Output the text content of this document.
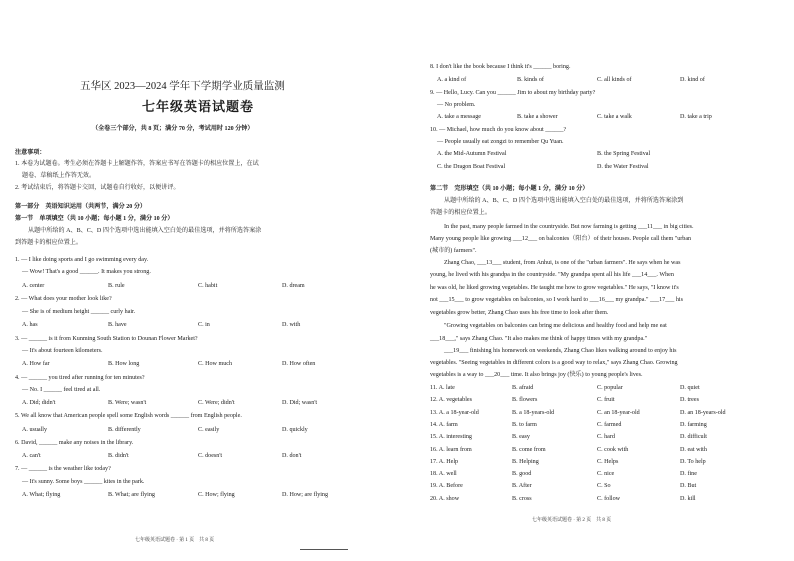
五华区 2023—2024 学年下学期学业质量监测
七年级英语试题卷
（全卷三个部分，共 8 页；满分 70 分，考试用时 120 分钟）
注意事项：
1. 本卷为试题卷。考生必须在答题卡上解题作答，答案应书写在答题卡的相应位置上，在试
题卷、草稿纸上作答无效。
2. 考试结束后，将答题卡交回，试题卷自行收好，以便讲评。
第一部分　英语知识运用（共两节，满分 20 分）
第一节　单项填空（共 10 小题；每小题 1 分，满分 10 分）
从题中所给的 A、B、C、D 四个选项中选出能填入空白处的最佳选项，并将所选答案涂
到答题卡的相应位置上。
1. — I like doing sports and I go swimming every day.
— Wow! That's a good ______. It makes you strong.
A. center	B. rule	C. habit	D. dream
2. — What does your mother look like?
— She is of medium height ______ curly hair.
A. has	B. have	C. in	D. with
3. — ______ is it from Kunming South Station to Dounan Flower Market?
— It's about fourteen kilometers.
A. How far	B. How long	C. How much	D. How often
4. — ______ you tired after running for ten minutes?
— No. I ______ feel tired at all.
A. Did; didn't	B. Were; wasn't	C. Were; didn't	D. Did; wasn't
5. We all know that American people spell some English words ______ from English people.
A. usually	B. differently	C. easily	D. quickly
6. David, ______ make any noises in the library.
A. can't	B. didn't	C. doesn't	D. don't
7. — ______ is the weather like today?
— It's sunny. Some boys ______ kites in the park.
A. What; flying	B. What; are flying	C. How; flying	D. How; are flying
七年级英语试题卷 · 第 1 页　共 8 页
8. I don't like the book because I think it's ______ boring.
A. a kind of	B. kinds of	C. all kinds of	D. kind of
9. — Hello, Lucy. Can you ______ Jim to about my birthday party?
— No problem.
A. take a message	B. take a shower	C. take a walk	D. take a trip
10. — Michael, how much do you know about ______?
— People usually eat zongzi to remember Qu Yuan.
A. the Mid-Autumn Festival	B. the Spring Festival
C. the Dragon Boat Festival	D. the Water Festival
第二节　完形填空（共 10 小题；每小题 1 分，满分 10 分）
从题中所给的 A、B、C、D 四个选项中选出能填入空白处的最佳选项，并将所选答案涂到
答题卡的相应位置上。
In the past, many people farmed in the countryside. But now farming is getting ___11___ in big cities.
Many young people like growing ___12___ on balconies（阳台）of their houses. People call them "urban
(城市的) farmers".
Zhang Chao, ___13___ student, from Anhui, is one of the "urban farmers". He says when he was
young, he lived with his grandpa in the countryside. "My grandpa spent all his life ___14___. When
he was old, he liked growing vegetables. He taught me how to grow vegetables." He says, "I know it's
not ___15___ to grow vegetables on balconies, so I work hard to ___16___ my grandpa." ___17___ his
vegetables grow better, Zhang Chao uses his free time to look after them.
"Growing vegetables on balconies can bring me delicious and healthy food and help me eat
___18___," says Zhang Chao. "It also makes me think of happy times with my grandpa."
___19___ finishing his homework on weekends, Zhang Chao likes walking around to enjoy his
vegetables. "Seeing vegetables in different colors is a good way to relax," says Zhang Chao. Growing
vegetables is a way to ___20___ time. It also brings joy (快乐) to young people's lives.
11. A. late	B. afraid	C. popular	D. quiet
12. A. vegetables	B. flowers	C. fruit	D. trees
13. A. a 18-year-old	B. a 18-years-old	C. an 18-year-old	D. an 18-years-old
14. A. farm	B. to farm	C. farmed	D. farming
15. A. interesting	B. easy	C. hard	D. difficult
16. A. learn from	B. come from	C. cook with	D. eat with
17. A. Help	B. Helping	C. Helps	D. To help
18. A. well	B. good	C. nice	D. fine
19. A. Before	B. After	C. So	D. But
20. A. show	B. cross	C. follow	D. kill
七年级英语试题卷 · 第 2 页　共 8 页
